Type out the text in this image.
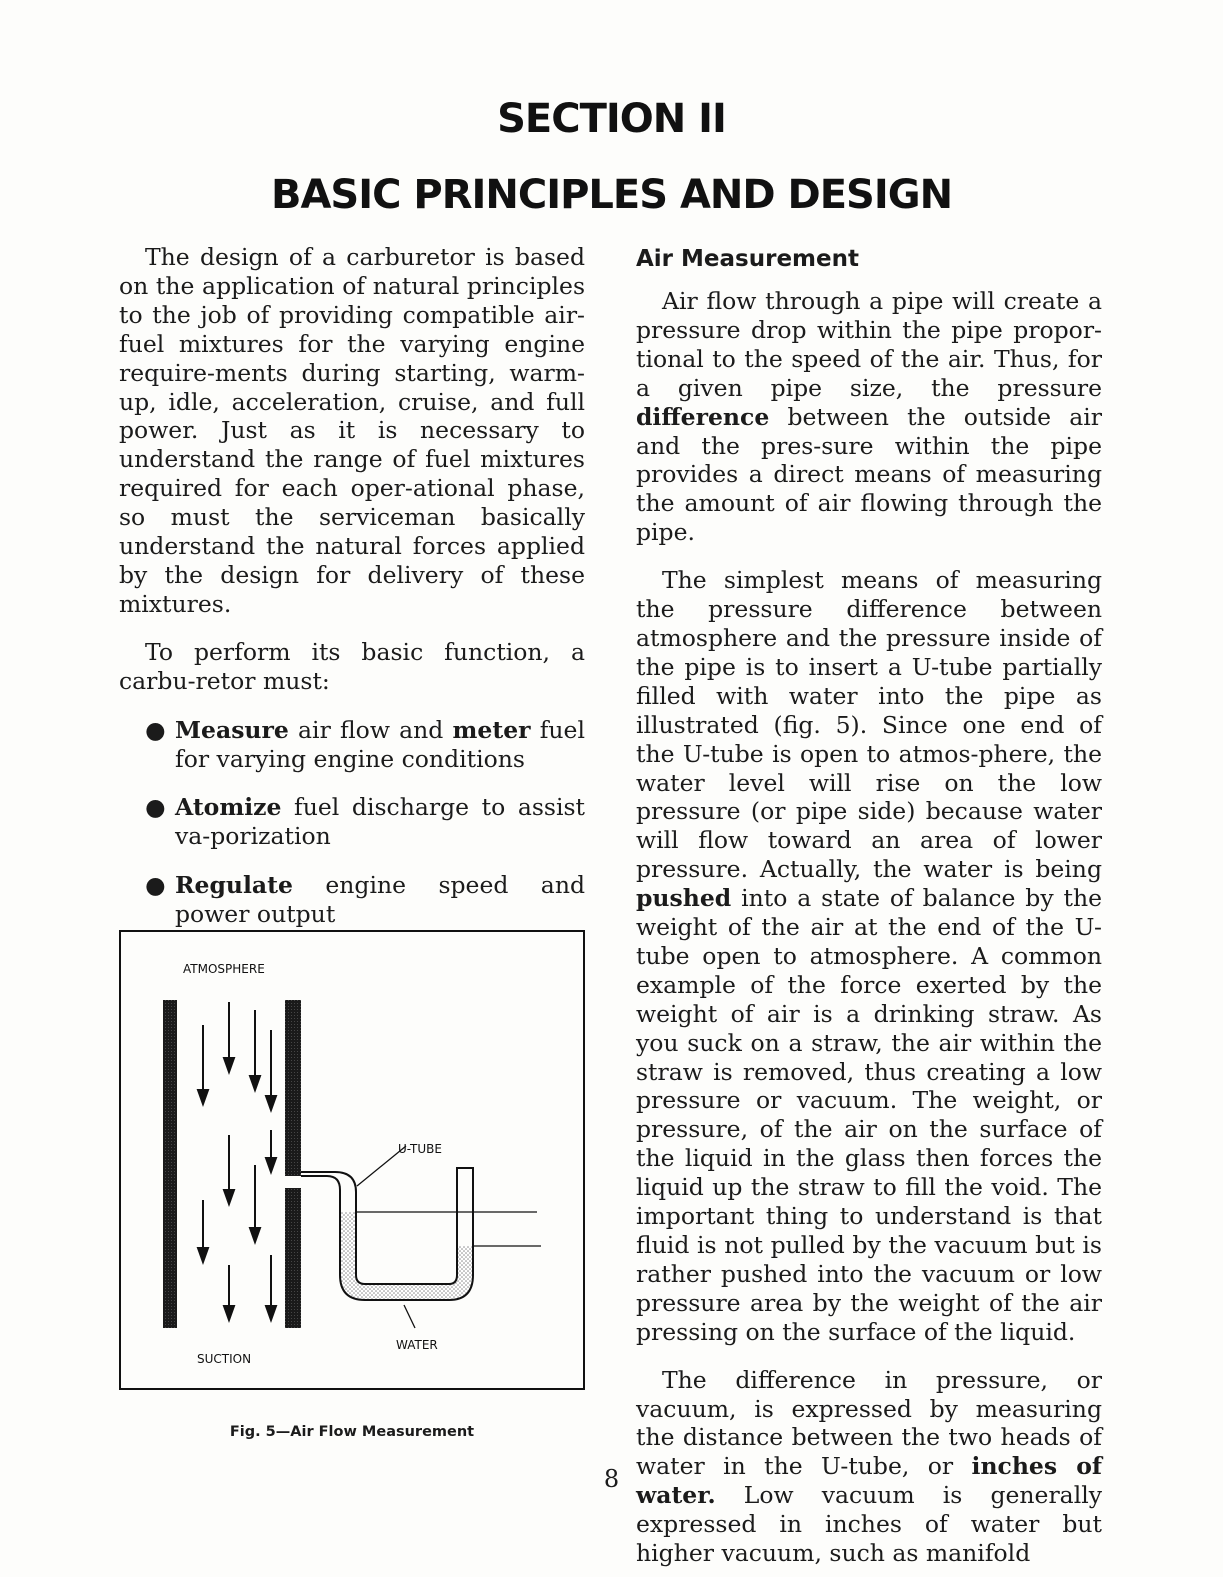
SECTION II
BASIC PRINCIPLES AND DESIGN

The design of a carburetor is based on the application of natural principles to the job of providing compatible air-fuel mixtures for the varying engine require-ments during starting, warm-up, idle, acceleration, cruise, and full power. Just as it is necessary to understand the range of fuel mixtures required for each oper-ational phase, so must the serviceman basically understand the natural forces applied by the design for delivery of these mixtures.

To perform its basic function, a carbu-retor must:

● Measure air flow and meter fuel for varying engine conditions
● Atomize fuel discharge to assist va-porization
● Regulate engine speed and power output
ATMOSPHERE
U-TUBE
WATER
SUCTION
Fig. 5—Air Flow Measurement

Air Measurement

Air flow through a pipe will create a pressure drop within the pipe propor-tional to the speed of the air. Thus, for a given pipe size, the pressure difference between the outside air and the pres-sure within the pipe provides a direct means of measuring the amount of air flowing through the pipe.

The simplest means of measuring the pressure difference between atmosphere and the pressure inside of the pipe is to insert a U-tube partially filled with water into the pipe as illustrated (fig. 5). Since one end of the U-tube is open to atmos-phere, the water level will rise on the low pressure (or pipe side) because water will flow toward an area of lower pressure. Actually, the water is being pushed into a state of balance by the weight of the air at the end of the U-tube open to atmosphere. A common example of the force exerted by the weight of air is a drinking straw. As you suck on a straw, the air within the straw is removed, thus creating a low pressure or vacuum. The weight, or pressure, of the air on the surface of the liquid in the glass then forces the liquid up the straw to fill the void. The important thing to understand is that fluid is not pulled by the vacuum but is rather pushed into the vacuum or low pressure area by the weight of the air pressing on the surface of the liquid.

The difference in pressure, or vacuum, is expressed by measuring the distance between the two heads of water in the U-tube, or inches of water. Low vacuum is generally expressed in inches of water but higher vacuum, such as manifold

8
